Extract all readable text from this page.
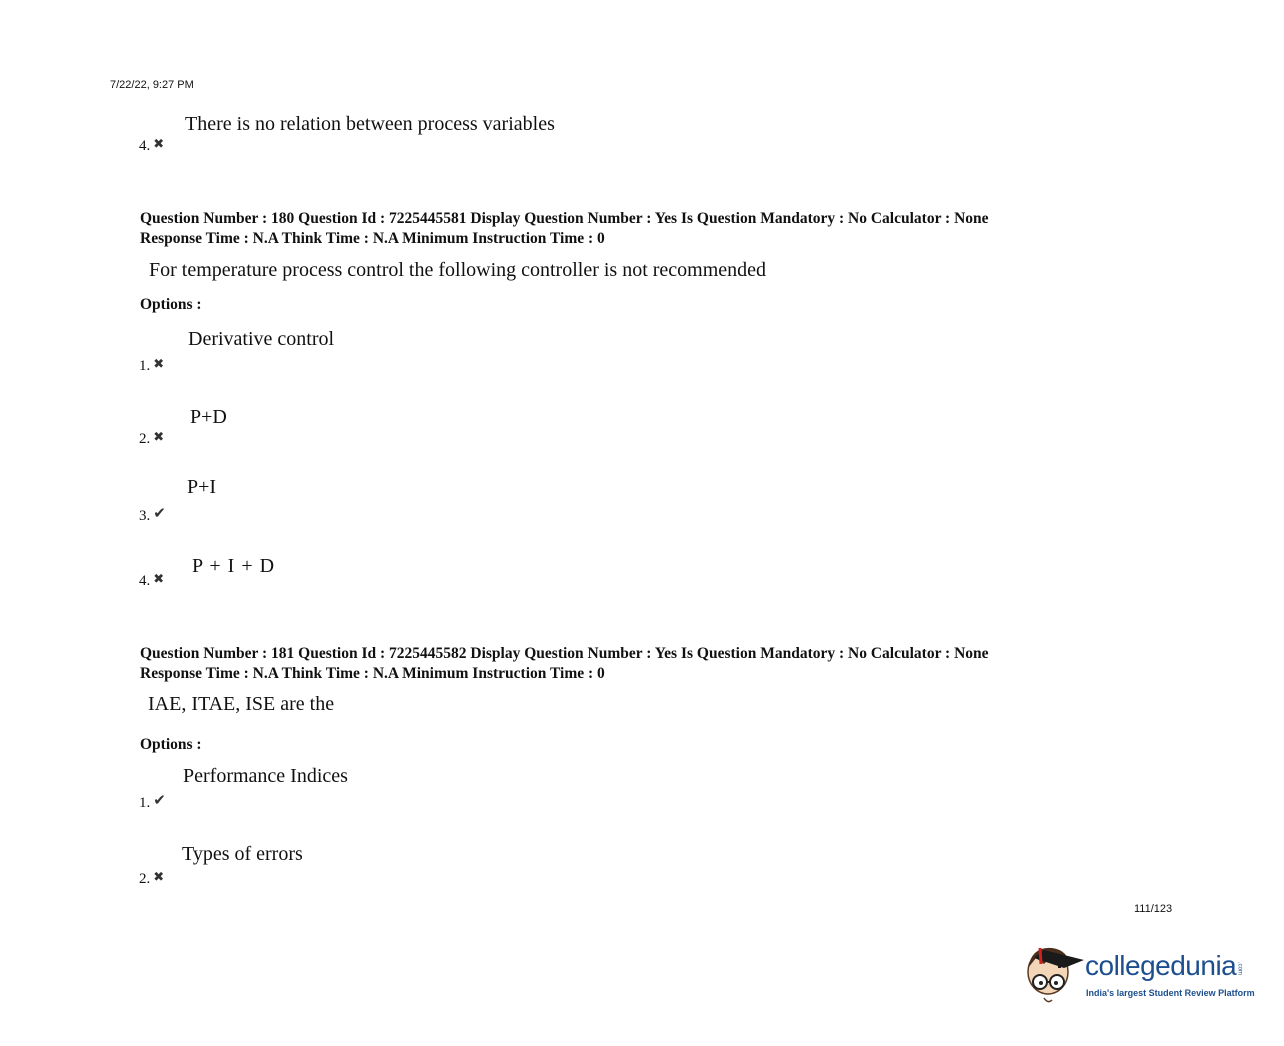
7/22/22, 9:27 PM
There is no relation between process variables
4. ✖
Question Number : 180 Question Id : 7225445581 Display Question Number : Yes Is Question Mandatory : No Calculator : None
Response Time : N.A Think Time : N.A Minimum Instruction Time : 0
For temperature process control the following controller is not recommended
Options :
Derivative control
1. ✖
P+D
2. ✖
P+I
3. ✔
P + I + D
4. ✖
Question Number : 181 Question Id : 7225445582 Display Question Number : Yes Is Question Mandatory : No Calculator : None
Response Time : N.A Think Time : N.A Minimum Instruction Time : 0
IAE, ITAE, ISE are the
Options :
Performance Indices
1. ✔
Types of errors
2. ✖
111/123
collegedunia.com
India's largest Student Review Platform
